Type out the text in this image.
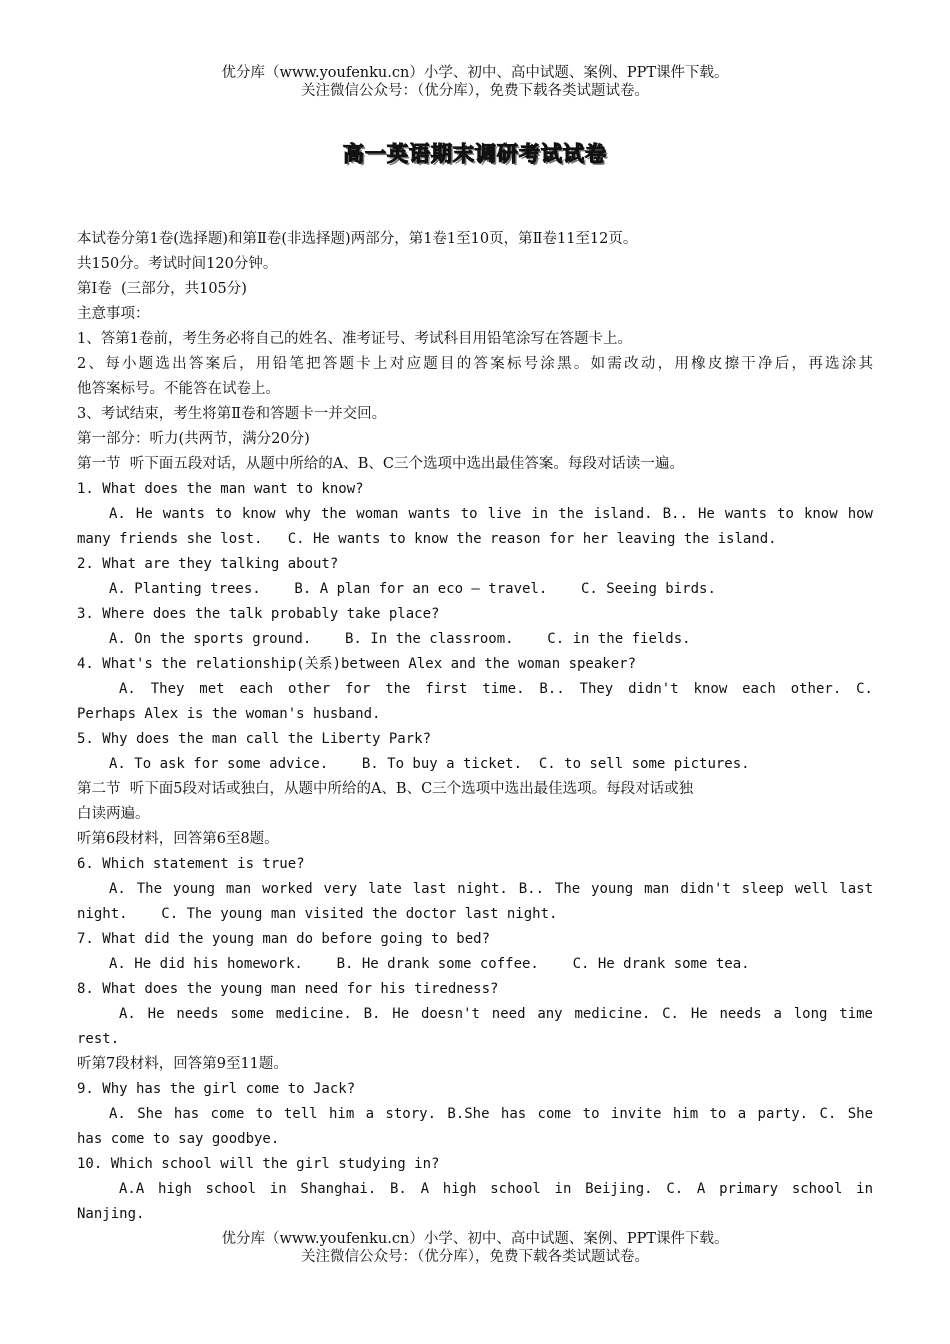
优分库（www.youfenku.cn）小学、初中、高中试题、案例、PPT课件下载。
关注微信公众号：（优分库），免费下载各类试题试卷。
高一英语期末调研考试试卷
本试卷分第1卷(选择题)和第Ⅱ卷(非选择题)两部分，第1卷1至10页，第Ⅱ卷11至12页。
共150分。考试时间120分钟。
第Ⅰ卷  (三部分，共105分)
主意事项：
1、答第1卷前，考生务必将自己的姓名、准考证号、考试科目用铅笔涂写在答题卡上。
2、每小题选出答案后，用铅笔把答题卡上对应题目的答案标号涂黑。如需改动，用橡皮擦干净后，再选涂其
他答案标号。不能答在试卷上。
3、考试结束，考生将第Ⅱ卷和答题卡一并交回。
第一部分：听力(共两节，满分20分)
第一节  听下面五段对话，从题中所给的A、B、C三个选项中选出最佳答案。每段对话读一遍。
1. What does the man want to know?
A. He wants to know why the woman wants to live in the island. B.. He wants to know how
many friends she lost.   C. He wants to know the reason for her leaving the island.
2. What are they talking about?
A. Planting trees.    B. A plan for an eco – travel.    C. Seeing birds.
3. Where does the talk probably take place?
A. On the sports ground.    B. In the classroom.    C. in the fields.
4. What's the relationship(关系)between Alex and the woman speaker?
A. They met each other for the first time. B.. They didn't know each other. C.
Perhaps Alex is the woman's husband.
5. Why does the man call the Liberty Park?
A. To ask for some advice.    B. To buy a ticket.  C. to sell some pictures.
第二节  听下面5段对话或独白，从题中所给的A、B、C三个选项中选出最佳选项。每段对话或独
白读两遍。
听第6段材料，回答第6至8题。
6. Which statement is true?
A. The young man worked very late last night. B.. The young man didn't sleep well last
night.    C. The young man visited the doctor last night.
7. What did the young man do before going to bed?
A. He did his homework.    B. He drank some coffee.    C. He drank some tea.
8. What does the young man need for his tiredness?
A. He needs some medicine. B. He doesn't need any medicine. C. He needs a long time
rest.
听第7段材料，回答第9至11题。
9. Why has the girl come to Jack?
A. She has come to tell him a story. B.She has come to invite him to a party. C. She
has come to say goodbye.
10. Which school will the girl studying in?
A.A high school in Shanghai. B. A high school in Beijing. C. A primary school in
Nanjing.
优分库（www.youfenku.cn）小学、初中、高中试题、案例、PPT课件下载。
关注微信公众号：（优分库），免费下载各类试题试卷。
